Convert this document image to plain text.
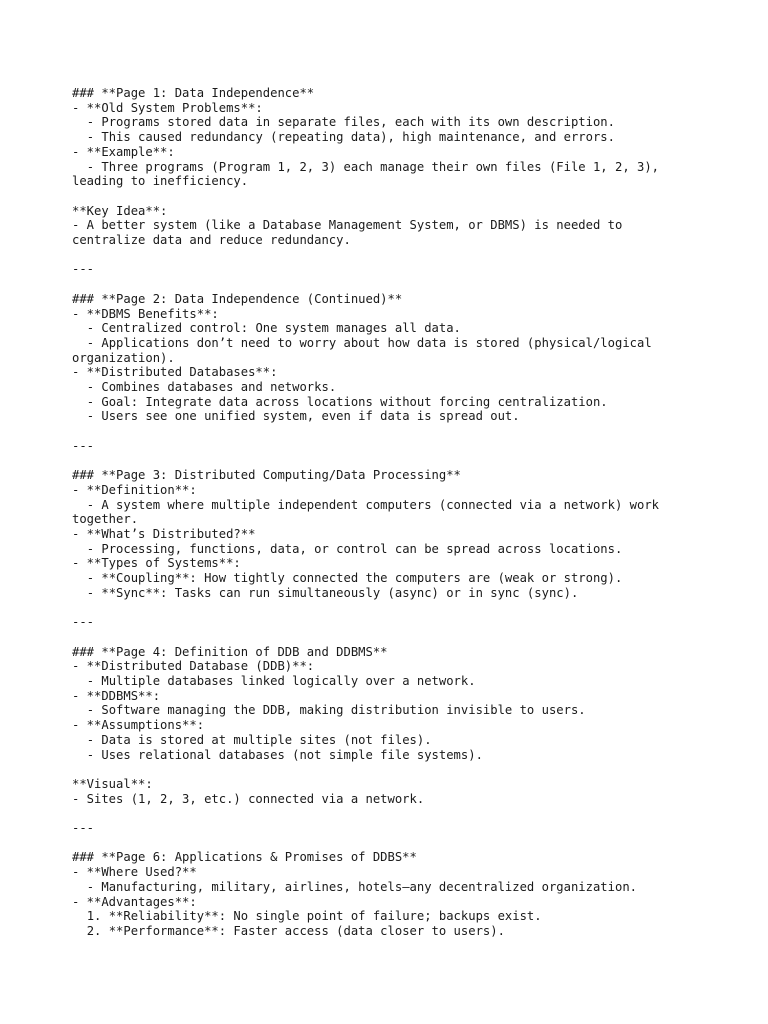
### **Page 1: Data Independence**
- **Old System Problems**:
- Programs stored data in separate files, each with its own description.
- This caused redundancy (repeating data), high maintenance, and errors.
- **Example**:
- Three programs (Program 1, 2, 3) each manage their own files (File 1, 2, 3),
leading to inefficiency.
**Key Idea**:
- A better system (like a Database Management System, or DBMS) is needed to
centralize data and reduce redundancy.
---
### **Page 2: Data Independence (Continued)**
- **DBMS Benefits**:
- Centralized control: One system manages all data.
- Applications don’t need to worry about how data is stored (physical/logical
organization).
- **Distributed Databases**:
- Combines databases and networks.
- Goal: Integrate data across locations without forcing centralization.
- Users see one unified system, even if data is spread out.
---
### **Page 3: Distributed Computing/Data Processing**
- **Definition**:
- A system where multiple independent computers (connected via a network) work
together.
- **What’s Distributed?**
- Processing, functions, data, or control can be spread across locations.
- **Types of Systems**:
- **Coupling**: How tightly connected the computers are (weak or strong).
- **Sync**: Tasks can run simultaneously (async) or in sync (sync).
---
### **Page 4: Definition of DDB and DDBMS**
- **Distributed Database (DDB)**:
- Multiple databases linked logically over a network.
- **DDBMS**:
- Software managing the DDB, making distribution invisible to users.
- **Assumptions**:
- Data is stored at multiple sites (not files).
- Uses relational databases (not simple file systems).
**Visual**:
- Sites (1, 2, 3, etc.) connected via a network.
---
### **Page 6: Applications & Promises of DDBS**
- **Where Used?**
- Manufacturing, military, airlines, hotels—any decentralized organization.
- **Advantages**:
1. **Reliability**: No single point of failure; backups exist.
2. **Performance**: Faster access (data closer to users).
